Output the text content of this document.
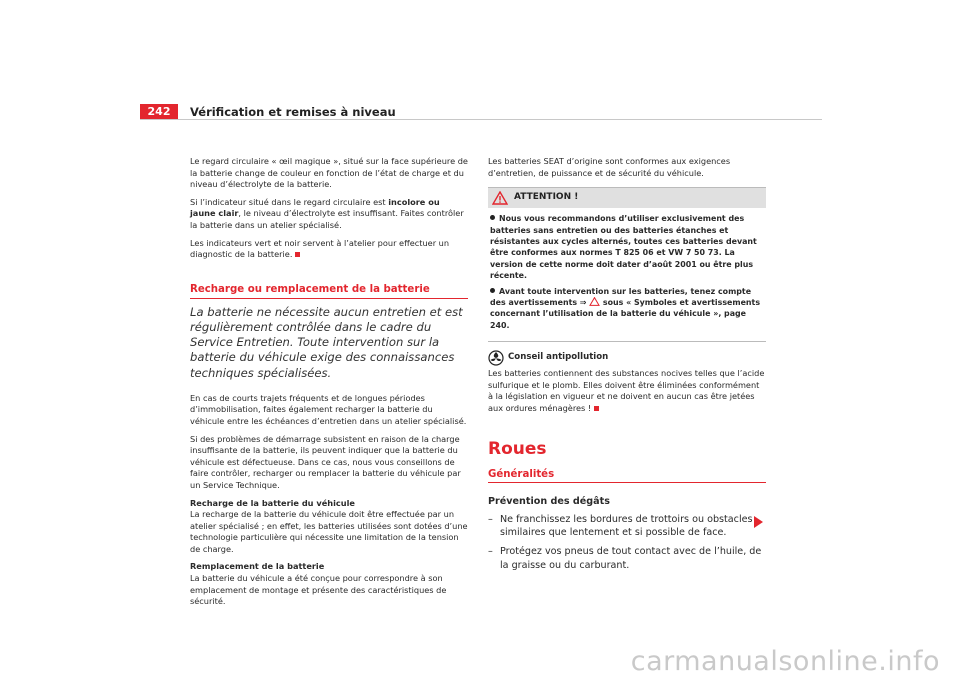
242	Vérification et remises à niveau

Le regard circulaire « œil magique », situé sur la face supérieure de la batterie change de couleur en fonction de l’état de charge et du niveau d’électrolyte de la batterie.

Si l’indicateur situé dans le regard circulaire est incolore ou jaune clair, le niveau d’électrolyte est insuffisant. Faites contrôler la batterie dans un atelier spécialisé.

Les indicateurs vert et noir servent à l’atelier pour effectuer un diagnostic de la batterie.

Recharge ou remplacement de la batterie
La batterie ne nécessite aucun entretien et est régulièrement contrôlée dans le cadre du Service Entretien. Toute intervention sur la batterie du véhicule exige des connaissances techniques spécialisées.

En cas de courts trajets fréquents et de longues périodes d’immobilisation, faites également recharger la batterie du véhicule entre les échéances d’entretien dans un atelier spécialisé.

Si des problèmes de démarrage subsistent en raison de la charge insuffisante de la batterie, ils peuvent indiquer que la batterie du véhicule est défectueuse. Dans ce cas, nous vous conseillons de faire contrôler, recharger ou remplacer la batterie du véhicule par un Service Technique.

Recharge de la batterie du véhicule

La recharge de la batterie du véhicule doit être effectuée par un atelier spécialisé ; en effet, les batteries utilisées sont dotées d’une technologie particulière qui nécessite une limitation de la tension de charge.

Remplacement de la batterie

La batterie du véhicule a été conçue pour correspondre à son emplacement de montage et présente des caractéristiques de sécurité.

Les batteries SEAT d’origine sont conformes aux exigences d’entretien, de puissance et de sécurité du véhicule.

ATTENTION !
Nous vous recommandons d’utiliser exclusivement des batteries sans entretien ou des batteries étanches et résistantes aux cycles alternés, toutes ces batteries devant être conformes aux normes T 825 06 et VW 7 50 73. La version de cette norme doit dater d’août 2001 ou être plus récente.
Avant toute intervention sur les batteries, tenez compte des avertissements ⇒  sous « Symboles et avertissements concernant l’utilisation de la batterie du véhicule », page 240.
Conseil antipollution

Les batteries contiennent des substances nocives telles que l’acide sulfurique et le plomb. Elles doivent être éliminées conformément à la législation en vigueur et ne doivent en aucun cas être jetées aux ordures ménagères !

Roues
Généralités
Prévention des dégâts
– Ne franchissez les bordures de trottoirs ou obstacles similaires que lentement et si possible de face.
– Protégez vos pneus de tout contact avec de l’huile, de la graisse ou du carburant.
carmanualsonline.info
